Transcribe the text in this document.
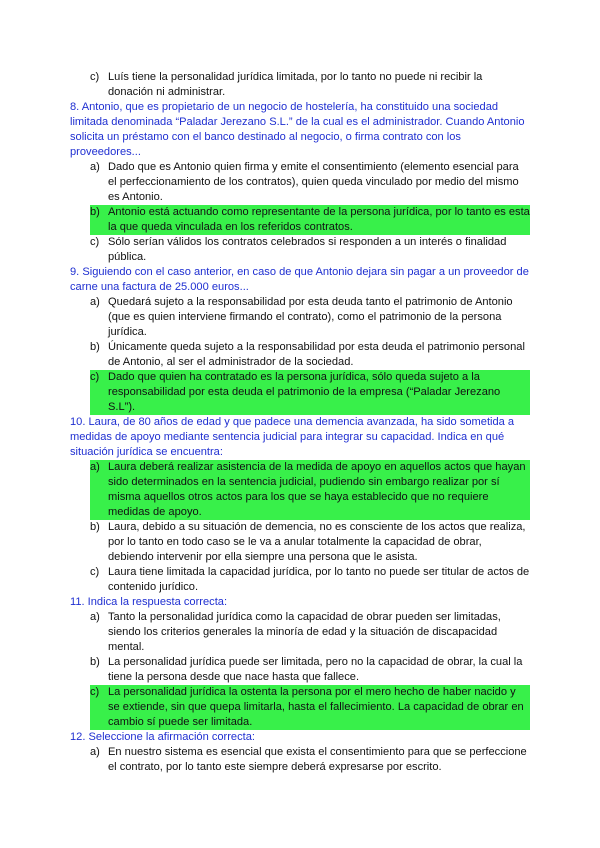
c) Luís tiene la personalidad jurídica limitada, por lo tanto no puede ni recibir la donación ni administrar.

8. Antonio, que es propietario de un negocio de hostelería, ha constituido una sociedad limitada denominada “Paladar Jerezano S.L.” de la cual es el administrador. Cuando Antonio solicita un préstamo con el banco destinado al negocio, o firma contrato con los proveedores...

a) Dado que es Antonio quien firma y emite el consentimiento (elemento esencial para el perfeccionamiento de los contratos), quien queda vinculado por medio del mismo es Antonio.
b) Antonio está actuando como representante de la persona jurídica, por lo tanto es esta la que queda vinculada en los referidos contratos.
c) Sólo serían válidos los contratos celebrados si responden a un interés o finalidad pública.

9. Siguiendo con el caso anterior, en caso de que Antonio dejara sin pagar a un proveedor de carne una factura de 25.000 euros...

a) Quedará sujeto a la responsabilidad por esta deuda tanto el patrimonio de Antonio (que es quien interviene firmando el contrato), como el patrimonio de la persona jurídica.
b) Únicamente queda sujeto a la responsabilidad por esta deuda el patrimonio personal de Antonio, al ser el administrador de la sociedad.
c) Dado que quien ha contratado es la persona jurídica, sólo queda sujeto a la responsabilidad por esta deuda el patrimonio de la empresa (“Paladar Jerezano S.L”).

10. Laura, de 80 años de edad y que padece una demencia avanzada, ha sido sometida a medidas de apoyo mediante sentencia judicial para integrar su capacidad. Indica en qué situación jurídica se encuentra:

a) Laura deberá realizar asistencia de la medida de apoyo en aquellos actos que hayan sido determinados en la sentencia judicial, pudiendo sin embargo realizar por sí misma aquellos otros actos para los que se haya establecido que no requiere medidas de apoyo.
b) Laura, debido a su situación de demencia, no es consciente de los actos que realiza, por lo tanto en todo caso se le va a anular totalmente la capacidad de obrar, debiendo intervenir por ella siempre una persona que le asista.
c) Laura tiene limitada la capacidad jurídica, por lo tanto no puede ser titular de actos de contenido jurídico.

11. Indica la respuesta correcta:

a) Tanto la personalidad jurídica como la capacidad de obrar pueden ser limitadas, siendo los criterios generales la minoría de edad y la situación de discapacidad mental.
b) La personalidad jurídica puede ser limitada, pero no la capacidad de obrar, la cual la tiene la persona desde que nace hasta que fallece.
c) La personalidad jurídica la ostenta la persona por el mero hecho de haber nacido y se extiende, sin que quepa limitarla, hasta el fallecimiento. La capacidad de obrar en cambio sí puede ser limitada.

12. Seleccione la afirmación correcta:

a) En nuestro sistema es esencial que exista el consentimiento para que se perfeccione el contrato, por lo tanto este siempre deberá expresarse por escrito.
